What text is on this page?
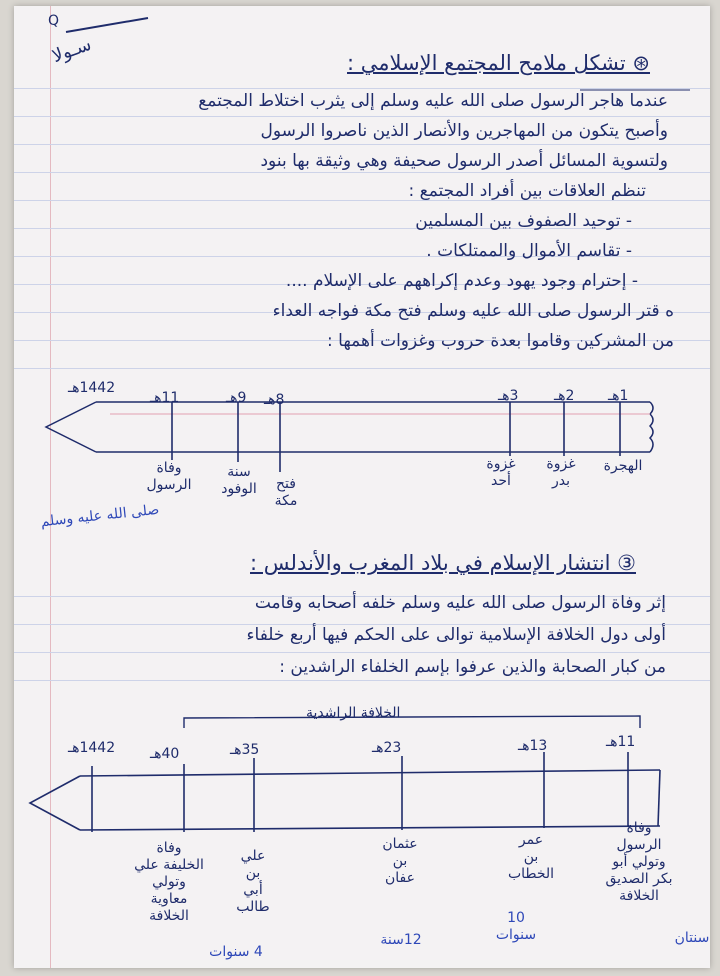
Q
سـولا	⊛ تشكل ملامح المجتمع الإسلامي :
عندما هاجر الرسول صلى الله عليه وسلم إلى يثرب اختلاط المجتمع
وأصبح يتكون من المهاجرين والأنصار الذين ناصروا الرسول
ولتسوية المسائل أصدر الرسول صحيفة وهي وثيقة بها بنود
تنظم العلاقات بين أفراد المجتمع :
- توحيد الصفوف بين المسلمين
- تقاسم الأموال والممتلكات .
- إحترام وجود يهود وعدم إكراههم على الإسلام ....
ه قتر الرسول صلى الله عليه وسلم فتح مكة فواجه العداء
من المشركين وقاموا بعدة حروب وغزوات أهمها :
1442هـ	1هـ
2هـ
3هـ
8هـ
9هـ
11هـ
الهجرة
غزوة
بدر
غزوة
أحد
فتح
مكة
سنة
الوفود
وفاة
الرسول
صلى الله عليه وسلم
③ انتشار الإسلام في بلاد المغرب والأندلس :
إثر وفاة الرسول صلى الله عليه وسلم خلفه أصحابه وقامت
أولى دول الخلافة الإسلامية توالى على الحكم فيها أربع خلفاء
من كبار الصحابة والذين عرفوا بإسم الخلفاء الراشدين :
الخلافة الراشدية
1442هـ	11هـ
13هـ
23هـ
35هـ
40هـ
وفاة
الرسول
وتولي أبو
بكر الصديق
الخلافة
عمر
بن
الخطاب
عثمان
بن
عفان
علي
بن
أبي
طالب
وفاة
الخليفة علي
وتولي
معاوية
الخلافة
سنتان
10
سنوات
12سنة
4 سنوات
